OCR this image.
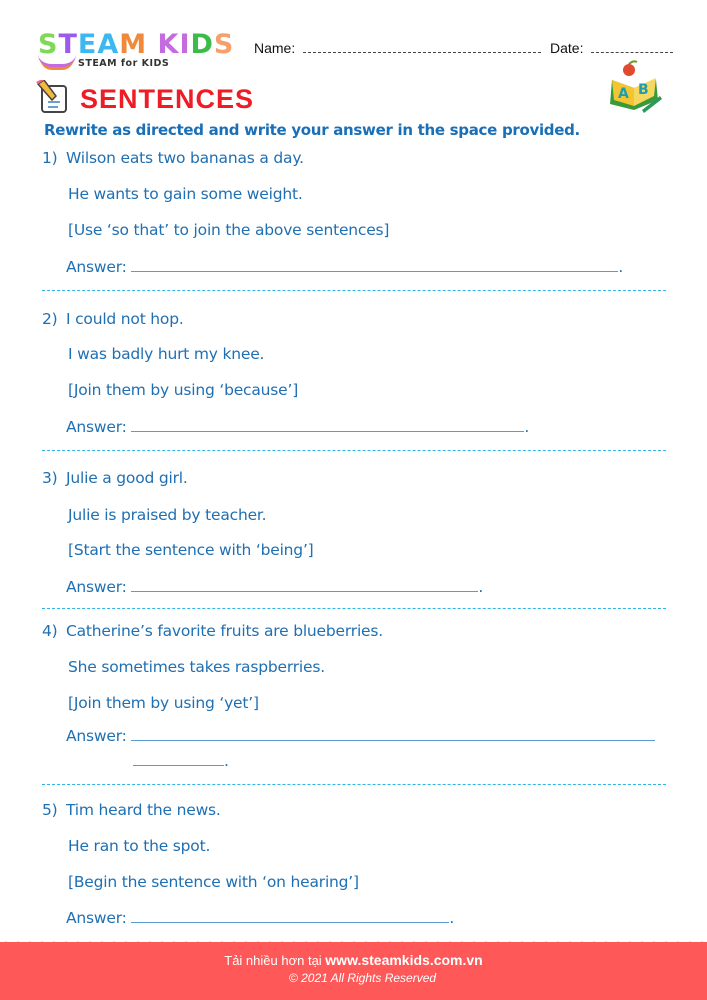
STEAM KIDS
STEAM for KIDS
Name:	Date:
A B
SENTENCES
Rewrite as directed and write your answer in the space provided.
1) Wilson eats two bananas a day.
He wants to gain some weight.
[Use ‘so that’ to join the above sentences]
Answer:	.
2) I could not hop.
I was badly hurt my knee.
[Join them by using ‘because’]
Answer:	.
3) Julie a good girl.
Julie is praised by teacher.
[Start the sentence with ‘being’]
Answer:	.
4) Catherine’s favorite fruits are blueberries.
She sometimes takes raspberries.
[Join them by using ‘yet’]
Answer:
.
5) Tim heard the news.
He ran to the spot.
[Begin the sentence with ‘on hearing’]
Answer:	.
Tải nhiều hơn tại www.steamkids.com.vn
© 2021 All Rights Reserved
